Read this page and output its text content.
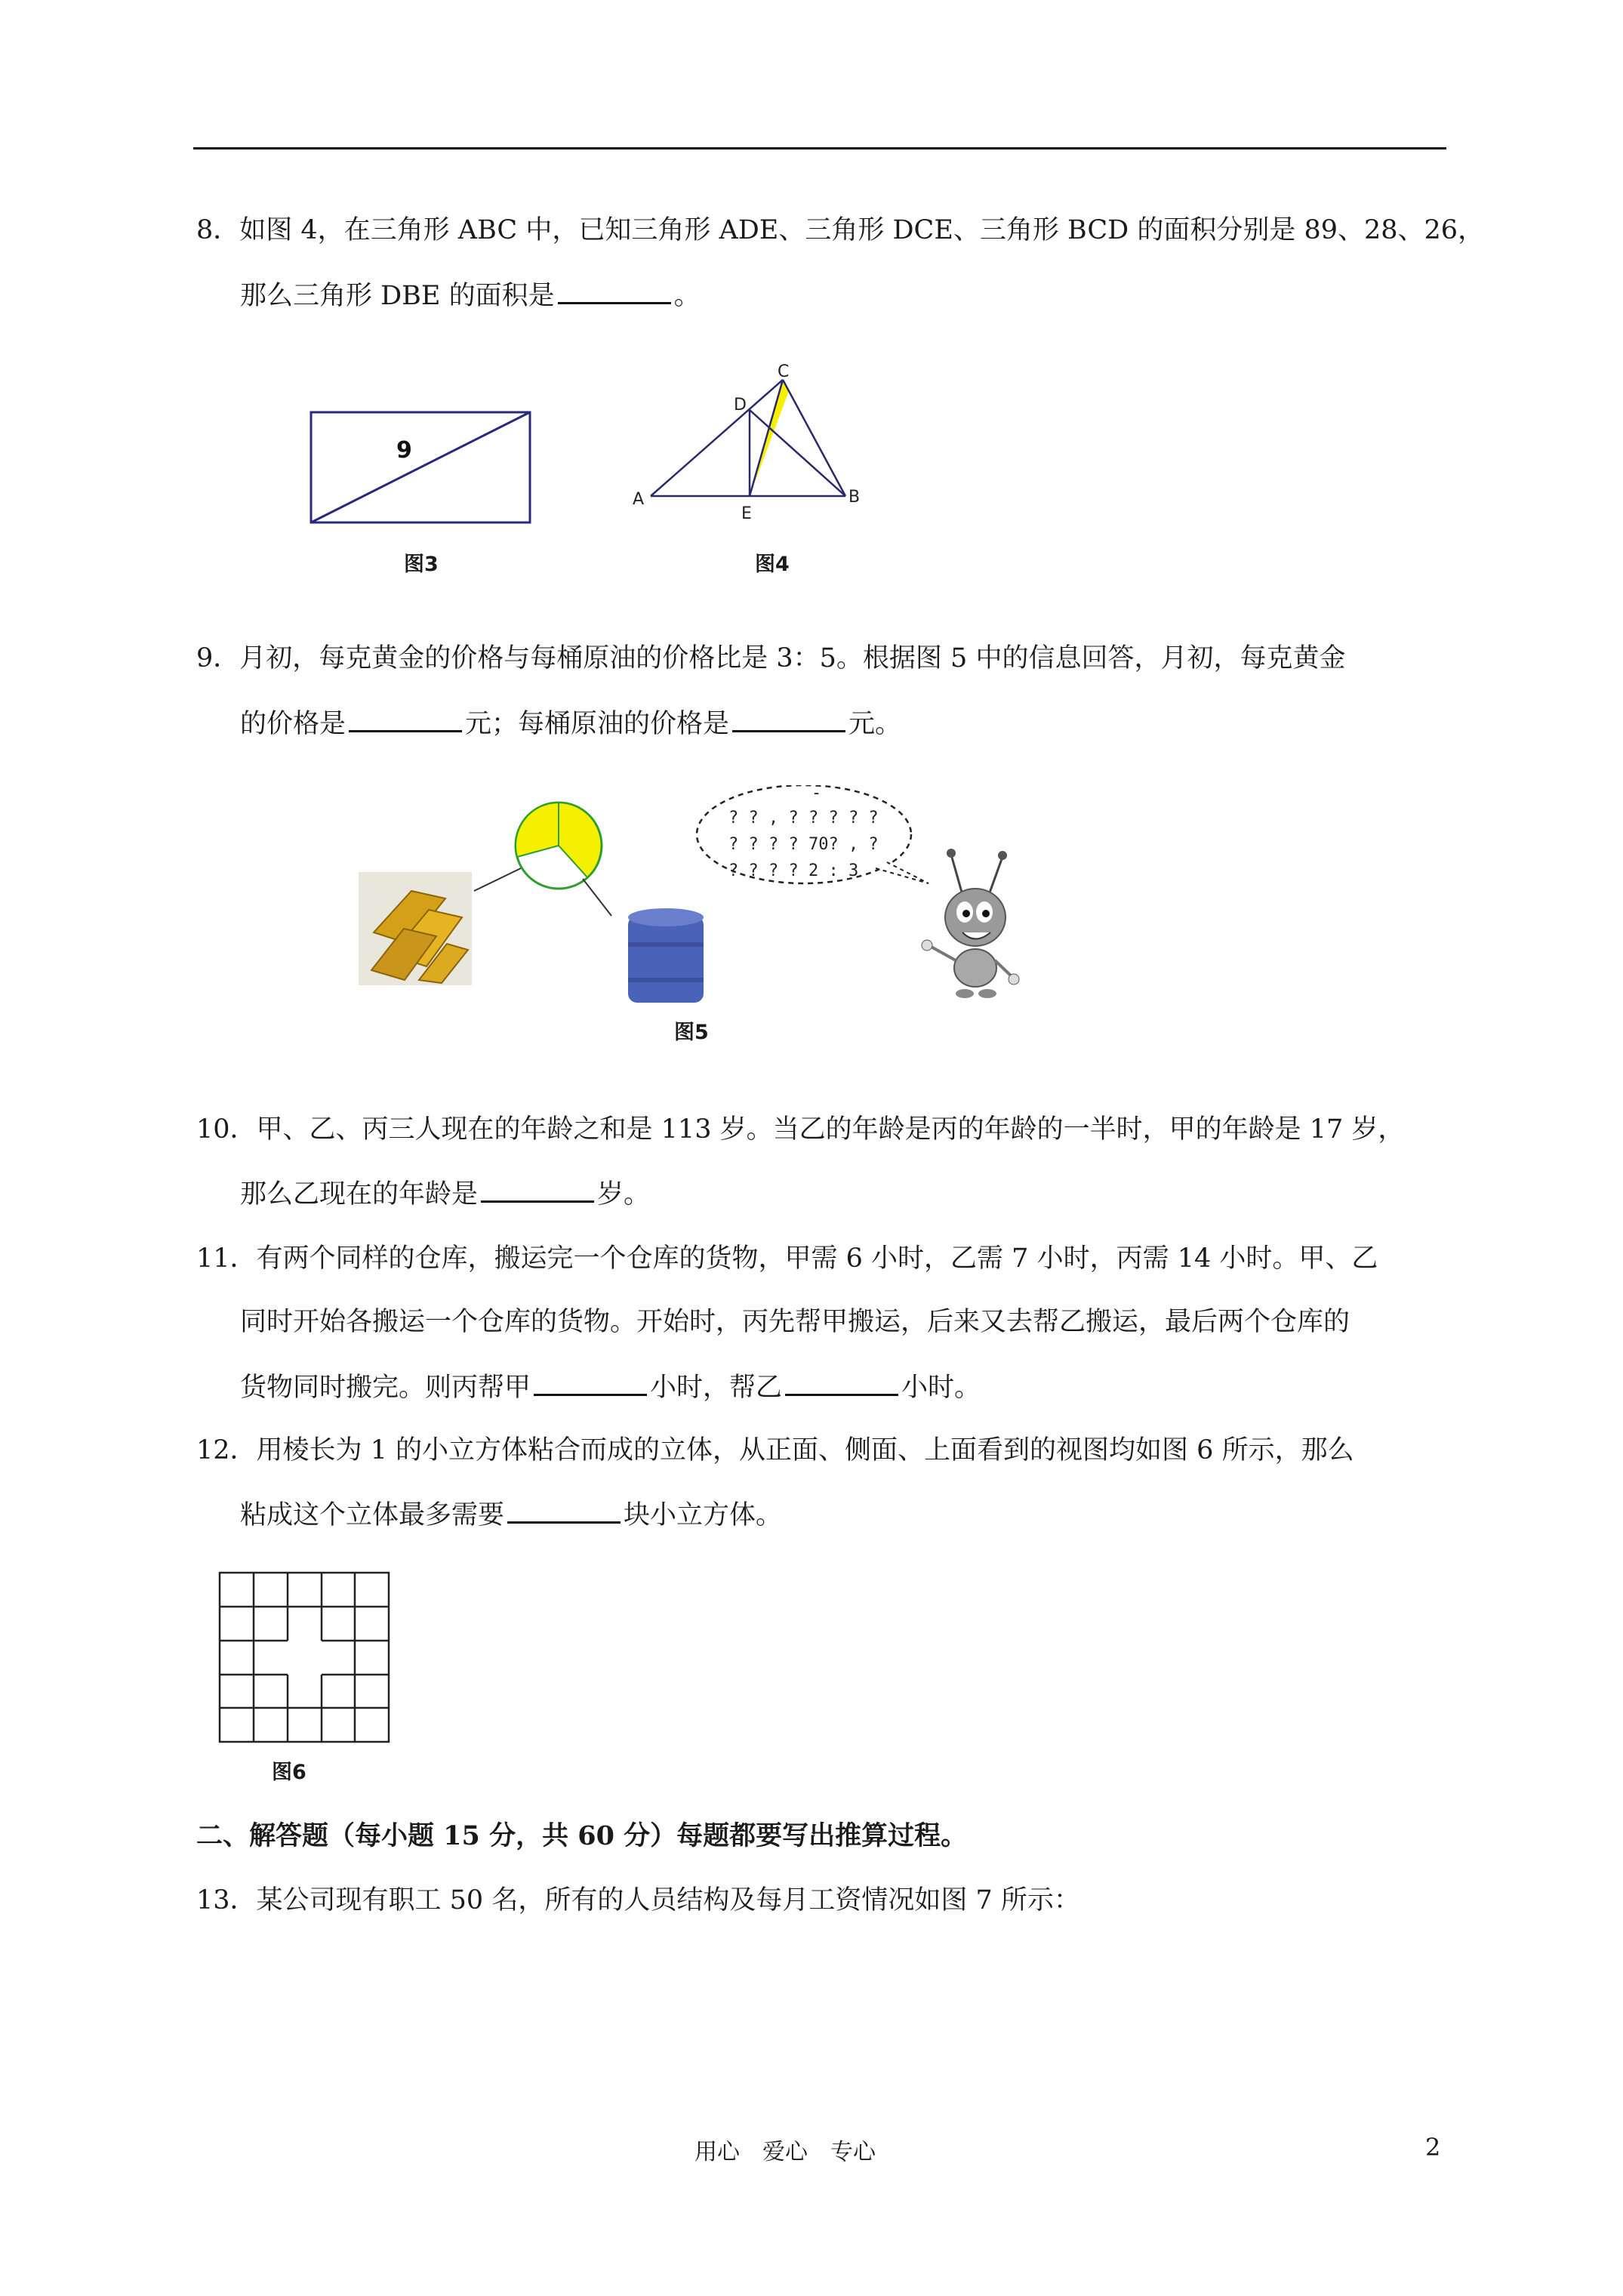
8．如图 4，在三角形 ABC 中，已知三角形 ADE、三角形 DCE、三角形 BCD 的面积分别是 89、28、26，
那么三角形 DBE 的面积是	。
9
图3
A	B
C
D
E
图4
9．月初，每克黄金的价格与每桶原油的价格比是 3：5。根据图 5 中的信息回答，月初，每克黄金
的价格是	元；每桶原油的价格是	元。
-
? ? , ? ? ? ? ?
? ? ? ? 70? , ?
? ? ? ? 2 : 3
图5
10．甲、乙、丙三人现在的年龄之和是 113 岁。当乙的年龄是丙的年龄的一半时，甲的年龄是 17 岁，
那么乙现在的年龄是	岁。
11．有两个同样的仓库，搬运完一个仓库的货物，甲需 6 小时，乙需 7 小时，丙需 14 小时。甲、乙
同时开始各搬运一个仓库的货物。开始时，丙先帮甲搬运，后来又去帮乙搬运，最后两个仓库的
货物同时搬完。则丙帮甲	小时，帮乙	小时。
12．用棱长为 1 的小立方体粘合而成的立体，从正面、侧面、上面看到的视图均如图 6 所示，那么
粘成这个立体最多需要	块小立方体。
图6
二、解答题（每小题 15 分，共 60 分）每题都要写出推算过程。
13．某公司现有职工 50 名，所有的人员结构及每月工资情况如图 7 所示：
用心　爱心　专心	2
